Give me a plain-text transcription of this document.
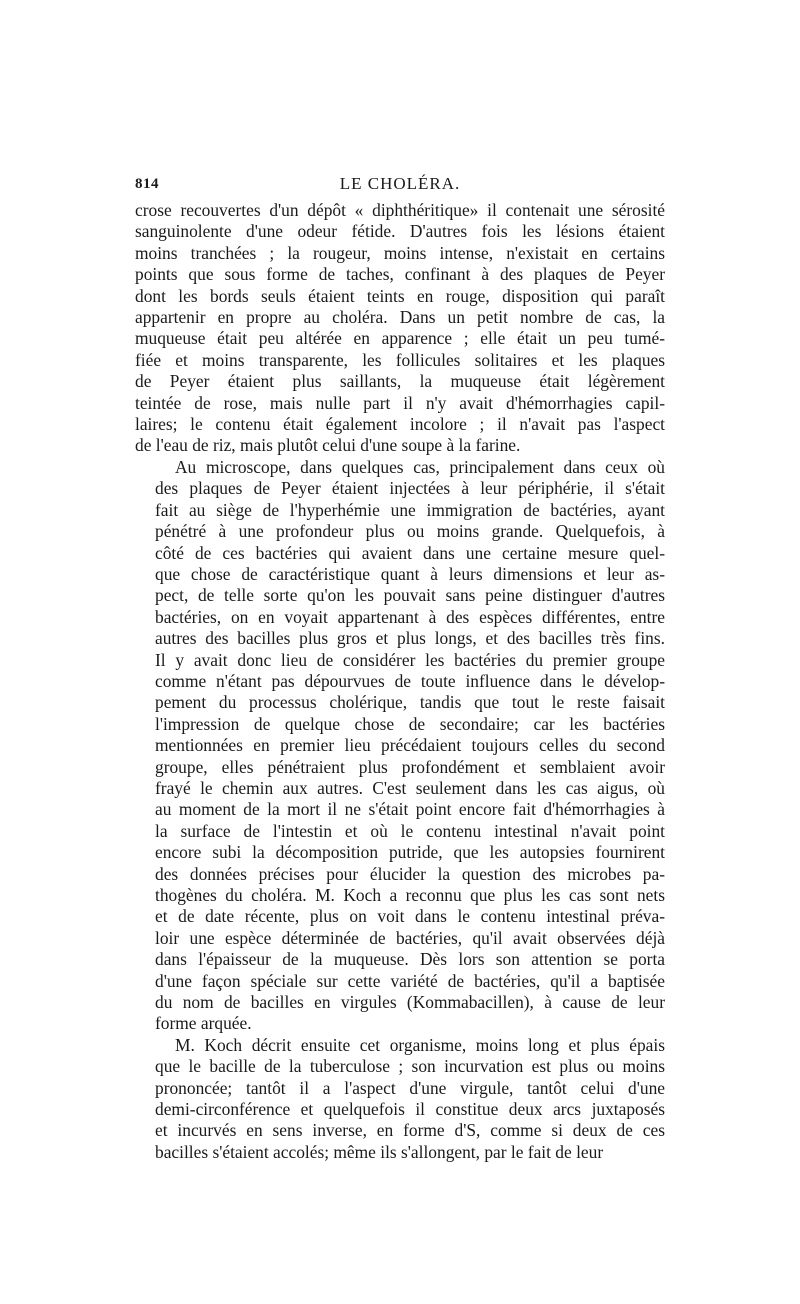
814	LE CHOLÉRA.

crose recouvertes d'un dépôt « diphthéritique» il contenait une sérosité
sanguinolente d'une odeur fétide. D'autres fois les lésions étaient
moins tranchées ; la rougeur, moins intense, n'existait en certains
points que sous forme de taches, confinant à des plaques de Peyer
dont les bords seuls étaient teints en rouge, disposition qui paraît
appartenir en propre au choléra. Dans un petit nombre de cas, la
muqueuse était peu altérée en apparence ; elle était un peu tumé-
fiée et moins transparente, les follicules solitaires et les plaques
de Peyer étaient plus saillants, la muqueuse était légèrement
teintée de rose, mais nulle part il n'y avait d'hémorrhagies capil-
laires; le contenu était également incolore ; il n'avait pas l'aspect
de l'eau de riz, mais plutôt celui d'une soupe à la farine.

Au microscope, dans quelques cas, principalement dans ceux où
des plaques de Peyer étaient injectées à leur périphérie, il s'était
fait au siège de l'hyperhémie une immigration de bactéries, ayant
pénétré à une profondeur plus ou moins grande. Quelquefois, à
côté de ces bactéries qui avaient dans une certaine mesure quel-
que chose de caractéristique quant à leurs dimensions et leur as-
pect, de telle sorte qu'on les pouvait sans peine distinguer d'autres
bactéries, on en voyait appartenant à des espèces différentes, entre
autres des bacilles plus gros et plus longs, et des bacilles très fins.
Il y avait donc lieu de considérer les bactéries du premier groupe
comme n'étant pas dépourvues de toute influence dans le dévelop-
pement du processus cholérique, tandis que tout le reste faisait
l'impression de quelque chose de secondaire; car les bactéries
mentionnées en premier lieu précédaient toujours celles du second
groupe, elles pénétraient plus profondément et semblaient avoir
frayé le chemin aux autres. C'est seulement dans les cas aigus, où
au moment de la mort il ne s'était point encore fait d'hémorrhagies à
la surface de l'intestin et où le contenu intestinal n'avait point
encore subi la décomposition putride, que les autopsies fournirent
des données précises pour élucider la question des microbes pa-
thogènes du choléra. M. Koch a reconnu que plus les cas sont nets
et de date récente, plus on voit dans le contenu intestinal préva-
loir une espèce déterminée de bactéries, qu'il avait observées déjà
dans l'épaisseur de la muqueuse. Dès lors son attention se porta
d'une façon spéciale sur cette variété de bactéries, qu'il a baptisée
du nom de bacilles en virgules (Kommabacillen), à cause de leur
forme arquée.

M. Koch décrit ensuite cet organisme, moins long et plus épais
que le bacille de la tuberculose ; son incurvation est plus ou moins
prononcée; tantôt il a l'aspect d'une virgule, tantôt celui d'une
demi-circonférence et quelquefois il constitue deux arcs juxtaposés
et incurvés en sens inverse, en forme d'S, comme si deux de ces
bacilles s'étaient accolés; même ils s'allongent, par le fait de leur
